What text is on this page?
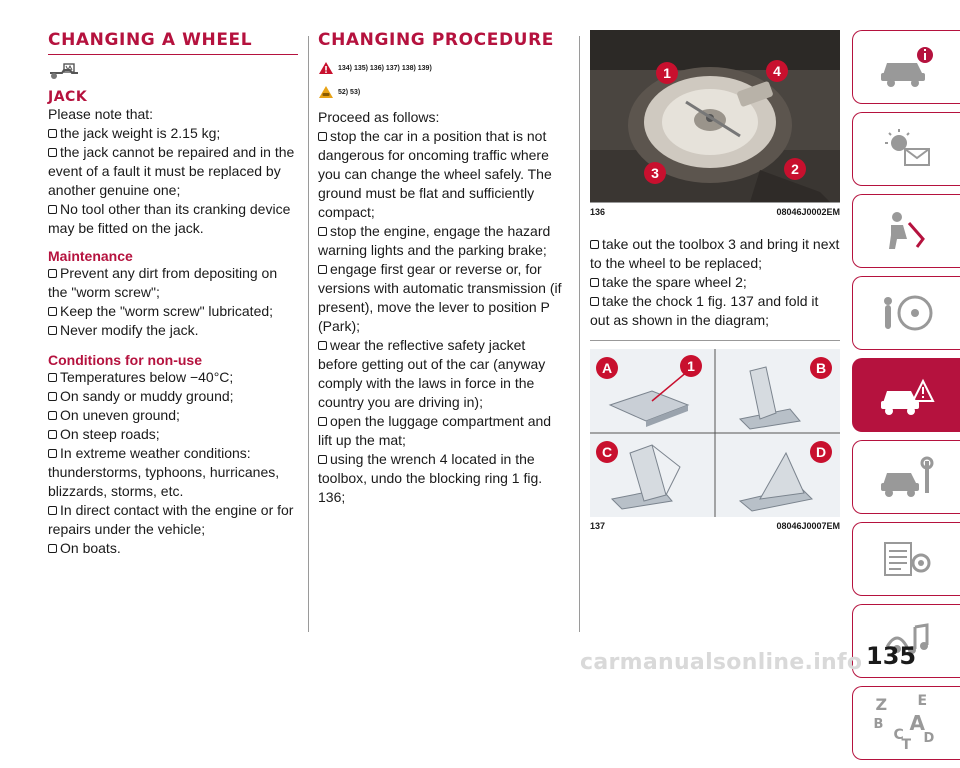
CHANGING A WHEEL
JACK

Please note that:

the jack weight is 2.15 kg;
the jack cannot be repaired and in the event of a fault it must be replaced by another genuine one;
No tool other than its cranking device may be fitted on the jack.
Maintenance
Prevent any dirt from depositing on the "worm screw";
Keep the "worm screw" lubricated;
Never modify the jack.
Conditions for non-use
Temperatures below −40°C;
On sandy or muddy ground;
On uneven ground;
On steep roads;
In extreme weather conditions: thunderstorms, typhoons, hurricanes, blizzards, storms, etc.
In direct contact with the engine or for repairs under the vehicle;
On boats.
CHANGING PROCEDURE
134) 135) 136) 137) 138) 139)
52) 53)

Proceed as follows:

stop the car in a position that is not dangerous for oncoming traffic where you can change the wheel safely. The ground must be flat and sufficiently compact;
stop the engine, engage the hazard warning lights and the parking brake;
engage first gear or reverse or, for versions with automatic transmission (if present), move the lever to position P (Park);
wear the reflective safety jacket before getting out of the car (anyway comply with the laws in force in the country you are driving in);
open the luggage compartment and lift up the mat;
using the wrench 4 located in the toolbox, undo the blocking ring 1 fig. 136;
1	4
3	2
136	08046J0002EM
take out the toolbox 3 and bring it next to the wheel to be replaced;
take the spare wheel 2;
take the chock 1 fig. 137 and fold it out as shown in the diagram;
A	1	B
C	D
137	08046J0007EM
Z E
B A
C
T D
carmanualsonline.info 135
